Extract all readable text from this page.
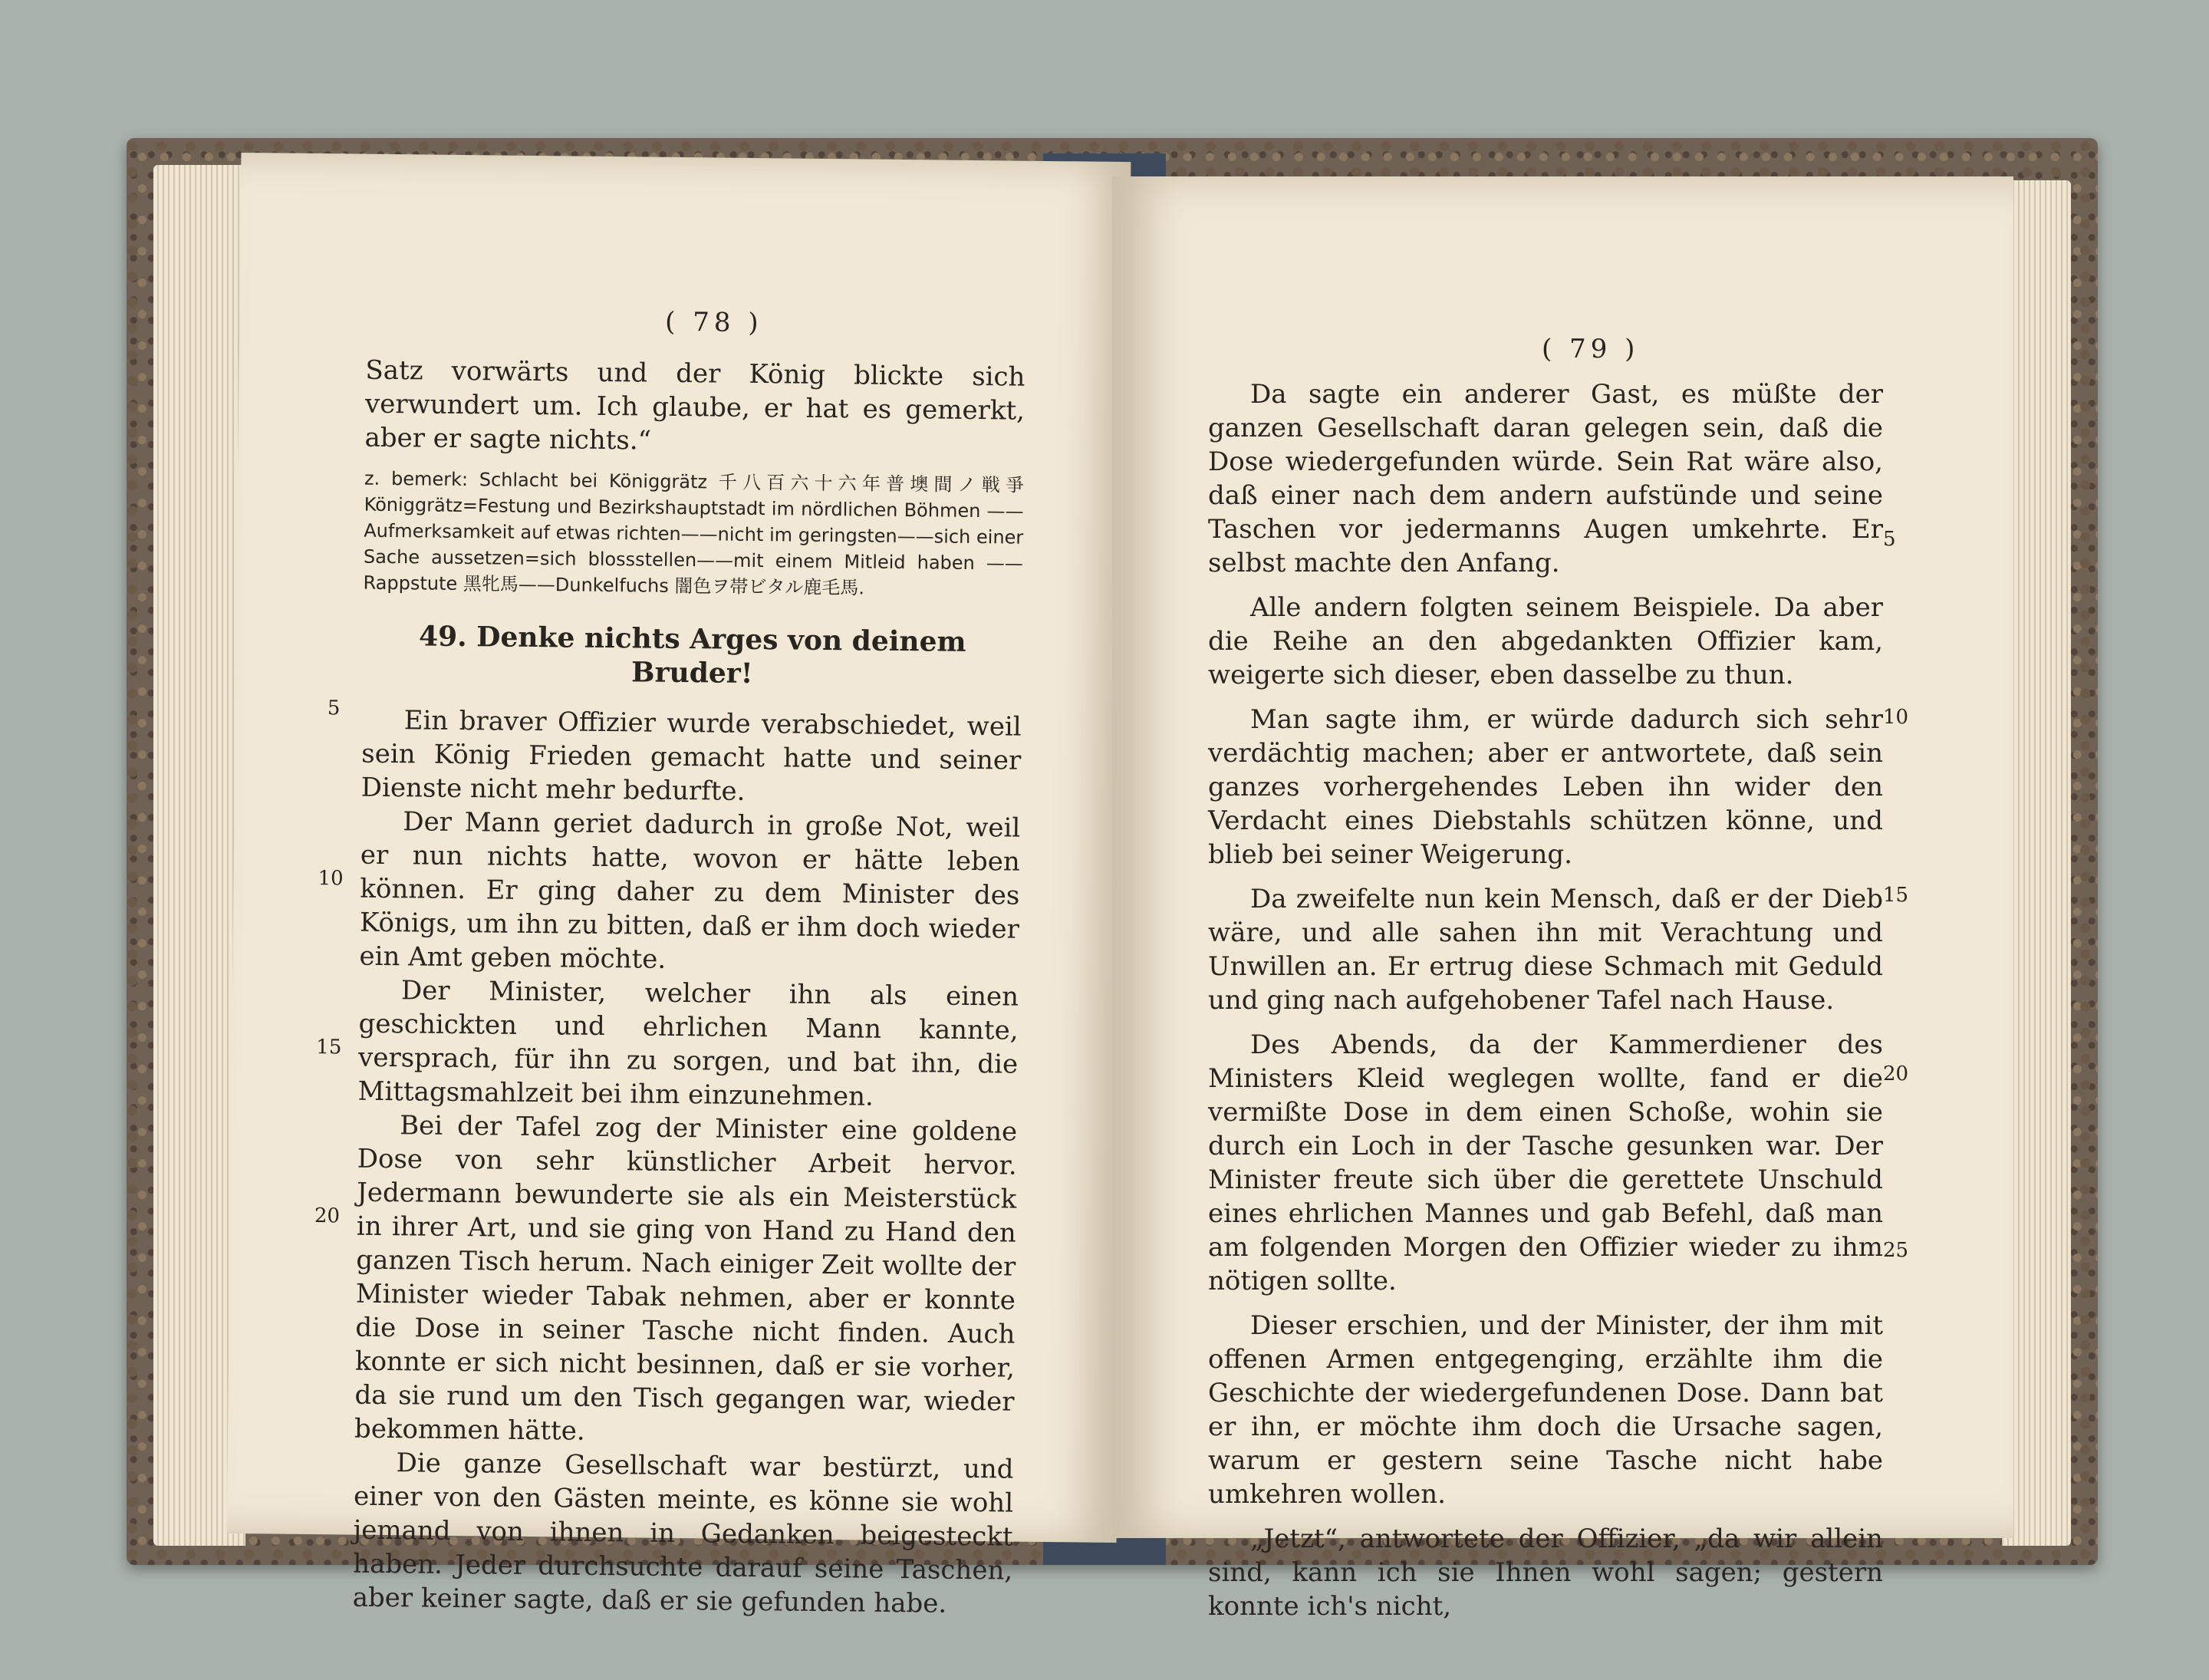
( 78 )

Satz vorwärts und der König blickte sich verwundert um. Ich glaube, er hat es gemerkt, aber er sagte nichts.“

z. bemerk: Schlacht bei Königgrätz 千八百六十六年普墺間ノ戦爭 Königgrätz=Festung und Bezirkshauptstadt im nördlichen Böhmen ——Aufmerksamkeit auf etwas richten——nicht im geringsten——sich einer Sache aussetzen=sich blossstellen——mit einem Mitleid haben ——Rappstute 黑牝馬——Dunkelfuchs 闇色ヲ帯ビタル鹿毛馬.

49. Denke nichts Arges von deinem Bruder!

Ein braver Offizier wurde verabschiedet, weil sein König Frieden gemacht hatte und seiner Dienste nicht mehr bedurfte.

Der Mann geriet dadurch in große Not, weil er nun nichts hatte, wovon er hätte leben können. Er ging daher zu dem Minister des Königs, um ihn zu bitten, daß er ihm doch wieder ein Amt geben möchte.

Der Minister, welcher ihn als einen geschickten und ehrlichen Mann kannte, versprach, für ihn zu sorgen, und bat ihn, die Mittagsmahlzeit bei ihm einzunehmen.

Bei der Tafel zog der Minister eine goldene Dose von sehr künstlicher Arbeit hervor. Jedermann bewunderte sie als ein Meisterstück in ihrer Art, und sie ging von Hand zu Hand den ganzen Tisch herum. Nach einiger Zeit wollte der Minister wieder Tabak nehmen, aber er konnte die Dose in seiner Tasche nicht finden. Auch konnte er sich nicht besinnen, daß er sie vorher, da sie rund um den Tisch gegangen war, wieder bekommen hätte.

Die ganze Gesellschaft war bestürzt, und einer von den Gästen meinte, es könne sie wohl jemand von ihnen in Gedanken beigesteckt haben. Jeder durchsuchte darauf seine Taschen, aber keiner sagte, daß er sie gefunden habe.

5
10
15
20
( 79 )

Da sagte ein anderer Gast, es müßte der ganzen Gesellschaft daran gelegen sein, daß die Dose wiedergefunden würde. Sein Rat wäre also, daß einer nach dem andern aufstünde und seine Taschen vor jedermanns Augen umkehrte. Er selbst machte den Anfang.

Alle andern folgten seinem Beispiele. Da aber die Reihe an den abgedankten Offizier kam, weigerte sich dieser, eben dasselbe zu thun.

Man sagte ihm, er würde dadurch sich sehr verdächtig machen; aber er antwortete, daß sein ganzes vorhergehendes Leben ihn wider den Verdacht eines Diebstahls schützen könne, und blieb bei seiner Weigerung.

Da zweifelte nun kein Mensch, daß er der Dieb wäre, und alle sahen ihn mit Verachtung und Unwillen an. Er ertrug diese Schmach mit Geduld und ging nach aufgehobener Tafel nach Hause.

Des Abends, da der Kammerdiener des Ministers Kleid weglegen wollte, fand er die vermißte Dose in dem einen Schoße, wohin sie durch ein Loch in der Tasche gesunken war. Der Minister freute sich über die gerettete Unschuld eines ehrlichen Mannes und gab Befehl, daß man am folgenden Morgen den Offizier wieder zu ihm nötigen sollte.

Dieser erschien, und der Minister, der ihm mit offenen Armen entgegenging, erzählte ihm die Geschichte der wiedergefundenen Dose. Dann bat er ihn, er möchte ihm doch die Ursache sagen, warum er gestern seine Tasche nicht habe umkehren wollen.

„Jetzt“, antwortete der Offizier, „da wir allein sind, kann ich sie Ihnen wohl sagen; gestern konnte ich's nicht,

5
10
15
20
25
